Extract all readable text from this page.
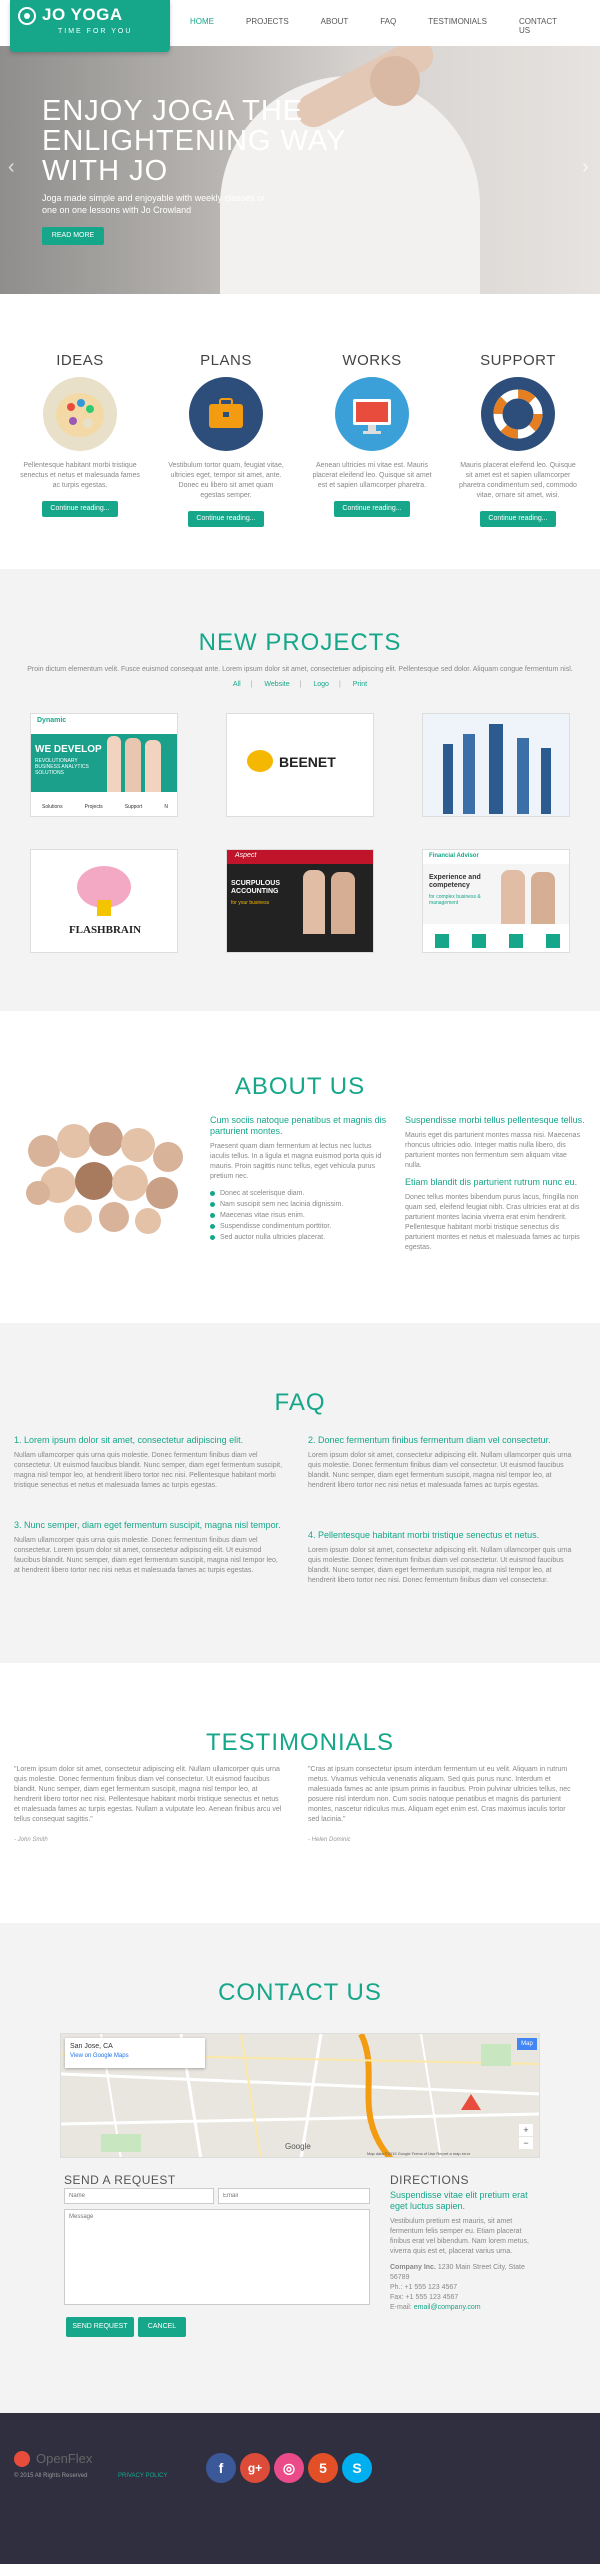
JO YOGA
TIME FOR YOU
HOME	PROJECTS	ABOUT	FAQ	TESTIMONIALS	CONTACT US
ENJOY JOGA THE ENLIGHTENING WAY WITH JO
Joga made simple and enjoyable with weekly classes or one on one lessons with Jo Crowland
READ MORE
‹	›
IDEAS

Pellentesque habitant morbi tristique senectus et netus et malesuada fames ac turpis egestas.

Continue reading...
PLANS

Vestibulum tortor quam, feugiat vitae, ultricies eget, tempor sit amet, ante. Donec eu libero sit amet quam egestas semper.

Continue reading...
WORKS

Aenean ultricies mi vitae est. Mauris placerat eleifend leo. Quisque sit amet est et sapien ullamcorper pharetra.

Continue reading...
SUPPORT

Mauris placerat eleifend leo. Quisque sit amet est et sapien ullamcorper pharetra condimentum sed, commodo vitae, ornare sit amet, wisi.

Continue reading...
NEW PROJECTS
Proin dictum elementum velit. Fusce euismod consequat ante. Lorem ipsum dolor sit amet, consectetuer adipiscing elit. Pellentesque sed dolor. Aliquam congue fermentum nisl.
All | Website | Logo | Print
Dynamic
WE DEVELOP
REVOLUTIONARY BUSINESS ANALYTICS SOLUTIONS
Solutions	Projects	Support	N
BEENET
FLASHBRAIN
Aspect
SCURPULOUS ACCOUNTING
for your business
Financial Advisor
Experience and competency
for complex business & management
ABOUT US
Cum sociis natoque penatibus et magnis dis parturient montes.
Praesent quam diam fermentum at lectus nec luctus iaculis tellus. In a ligula et magna euismod porta quis id mauris. Proin sagittis nunc tellus, eget vehicula purus pretium nec.
Donec at scelerisque diam.
Nam suscipit sem nec lacinia dignissim.
Maecenas vitae risus enim.
Suspendisse condimentum porttitor.
Sed auctor nulla ultricies placerat.
Suspendisse morbi tellus pellentesque tellus.
Mauris eget dis parturient montes massa nisi. Maecenas rhoncus ultricies odio. Integer mattis nulla libero, dis parturient montes non fermentum sem aliquam vitae nulla.
Etiam blandit dis parturient rutrum nunc eu.
Donec tellus montes bibendum purus lacus, fringilla non quam sed, eleifend feugiat nibh. Cras ultricies erat at dis parturient montes lacinia viverra erat enim hendrerit. Pellentesque habitant morbi tristique senectus dis parturient montes et netus et malesuada fames ac turpis egestas.
FAQ
1. Lorem ipsum dolor sit amet, consectetur adipiscing elit.
Nullam ullamcorper quis urna quis molestie. Donec fermentum finibus diam vel consectetur. Ut euismod faucibus blandit. Nunc semper, diam eget fermentum suscipit, magna nisl tempor leo, at hendrerit libero tortor nec nisi. Pellentesque habitant morbi tristique senectus et netus et malesuada fames ac turpis egestas.
2. Donec fermentum finibus fermentum diam vel consectetur.
Lorem ipsum dolor sit amet, consectetur adipiscing elit. Nullam ullamcorper quis urna quis molestie. Donec fermentum finibus diam vel consectetur. Ut euismod faucibus blandit. Nunc semper, diam eget fermentum suscipit, magna nisl tempor leo, at hendrerit libero tortor nec nisi netus et malesuada fames ac turpis egestas.
3. Nunc semper, diam eget fermentum suscipit, magna nisl tempor.
Nullam ullamcorper quis urna quis molestie. Donec fermentum finibus diam vel consectetur. Lorem ipsum dolor sit amet, consectetur adipiscing elit. Ut euismod faucibus blandit. Nunc semper, diam eget fermentum suscipit, magna nisl tempor leo, at hendrerit libero tortor nec nisi netus et malesuada fames ac turpis egestas.
4. Pellentesque habitant morbi tristique senectus et netus.
Lorem ipsum dolor sit amet, consectetur adipiscing elit. Nullam ullamcorper quis urna quis molestie. Donec fermentum finibus diam vel consectetur. Ut euismod faucibus blandit. Nunc semper, diam eget fermentum suscipit, magna nisl tempor leo, at hendrerit libero tortor nec nisi. Donec fermentum finibus diam vel consectetur.
TESTIMONIALS
"Lorem ipsum dolor sit amet, consectetur adipiscing elit. Nullam ullamcorper quis urna quis molestie. Donec fermentum finibus diam vel consectetur. Ut euismod faucibus blandit. Nunc semper, diam eget fermentum suscipit, magna nisl tempor leo, at hendrerit libero tortor nec nisi. Pellentesque habitant morbi tristique senectus et netus et malesuada fames ac turpis egestas. Nullam a vulputate leo. Aenean finibus arcu vel tellus consequat sagittis."
- John Smith
"Cras at ipsum consectetur ipsum interdum fermentum ut eu velit. Aliquam in rutrum metus. Vivamus vehicula venenatis aliquam. Sed quis purus nunc. Interdum et malesuada fames ac ante ipsum primis in faucibus. Proin pulvinar ultricies tellus, nec posuere nisl interdum non. Cum sociis natoque penatibus et magnis dis parturient montes, nascetur ridiculus mus. Aliquam eget enim est. Cras maximus iaculis tortor sed lacinia."
- Helen Dominic
CONTACT US
San Jose, CA
View on Google Maps
Map
+
−
Google
Map data ©2015 Google Terms of Use Report a map error
SEND A REQUEST
Name
Email
Message
SEND REQUEST	CANCEL
DIRECTIONS
Suspendisse vitae elit pretium erat eget luctus sapien.
Vestibulum pretium est mauris, sit amet fermentum felis semper eu. Etiam placerat finibus erat vel bibendum. Nam lorem metus, viverra quis est et, placerat varius urna.
Company Inc. 1230 Main Street City, State 56789
Ph.: +1 555 123 4567
Fax: +1 555 123 4567
E-mail: email@company.com
OpenFlex
© 2015 All Rights Reserved	PRIVACY POLICY	f	g+	◎	5	S
